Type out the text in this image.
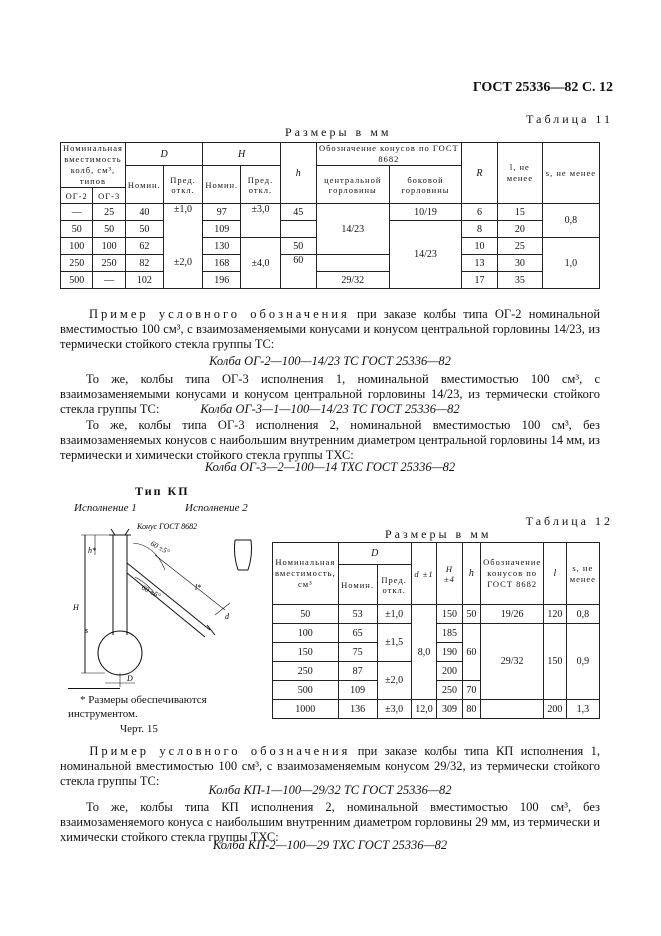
ГОСТ 25336—82 С. 12
Таблица 11
Размеры в мм
Номинальная вместимость колб, см³, типов		D		H		h	Обозначение конусов по ГОСТ 8682		R	l, не менее	s, не менее
		Номин.	Пред. откл.	Номин.	Пред. откл.		центральной горловины	боковой горловины			
ОГ-2	ОГ-3										
—	25	40	±1,0	97	±3,0	45	14/23	10/19	6	15	0,8
50	50	50		109				14/23	8	20	
100	100	62	±2,0	130	±4,0	50			10	25	1,0
250	250	82		168		60			13	30	
500	—	102		196			29/32		17	35	
Пример условного обозначения при заказе колбы типа ОГ-2 номинальной вместимостью 100 см³, с взаимозаменяемыми конусами и конусом центральной горловины 14/23, из термически стойкого стекла группы ТС:
Колба ОГ-2—100—14/23 ТС ГОСТ 25336—82
То же, колбы типа ОГ-3 исполнения 1, номинальной вместимостью 100 см³, с взаимозаменяемыми конусами и конусом центральной горловины 14/23, из термически стойкого стекла группы ТС:	Колба ОГ-3—1—100—14/23 ТС ГОСТ 25336—82
То же, колбы типа ОГ-3 исполнения 2, номинальной вместимостью 100 см³, без взаимозаменяемых конусов с наибольшим внутренним диаметром центральной горловины 14 мм, из термически и химически стойкого стекла группы ТХС:
Колба ОГ-3—2—100—14 ТХС ГОСТ 25336—82
Тип КП
Исполнение 1	Исполнение 2
Конус ГОСТ 8682
60 ±5°
60 ±5°
h*
H
l*
d
s
D
* Размеры обеспечиваются инструментом.
Черт. 15
Таблица 12
Размеры в мм
Номинальная вместимость, см³	D		d ±1	H ±4	h	Обозначение конусов по ГОСТ 8682	l	s, не менее
	Номин.	Пред. откл.						
50	53	±1,0	8,0	150	50	19/26	120	0,8
100	65	±1,5		185	60	29/32	150	0,9
150	75			190				
250	87	±2,0		200				
500	109			250	70			
1000	136	±3,0	12,0	309	80		200	1,3
Пример условного обозначения при заказе колбы типа КП исполнения 1, номинальной вместимостью 100 см³, с взаимозаменяемым конусом 29/32, из термически стойкого стекла группы ТС:
Колба КП-1—100—29/32 ТС ГОСТ 25336—82
То же, колбы типа КП исполнения 2, номинальной вместимостью 100 см³, без взаимозаменяемого конуса с наибольшим внутренним диаметром горловины 29 мм, из термически и химически стойкого стекла группы ТХС:
Колба КП-2—100—29 ТХС ГОСТ 25336—82
